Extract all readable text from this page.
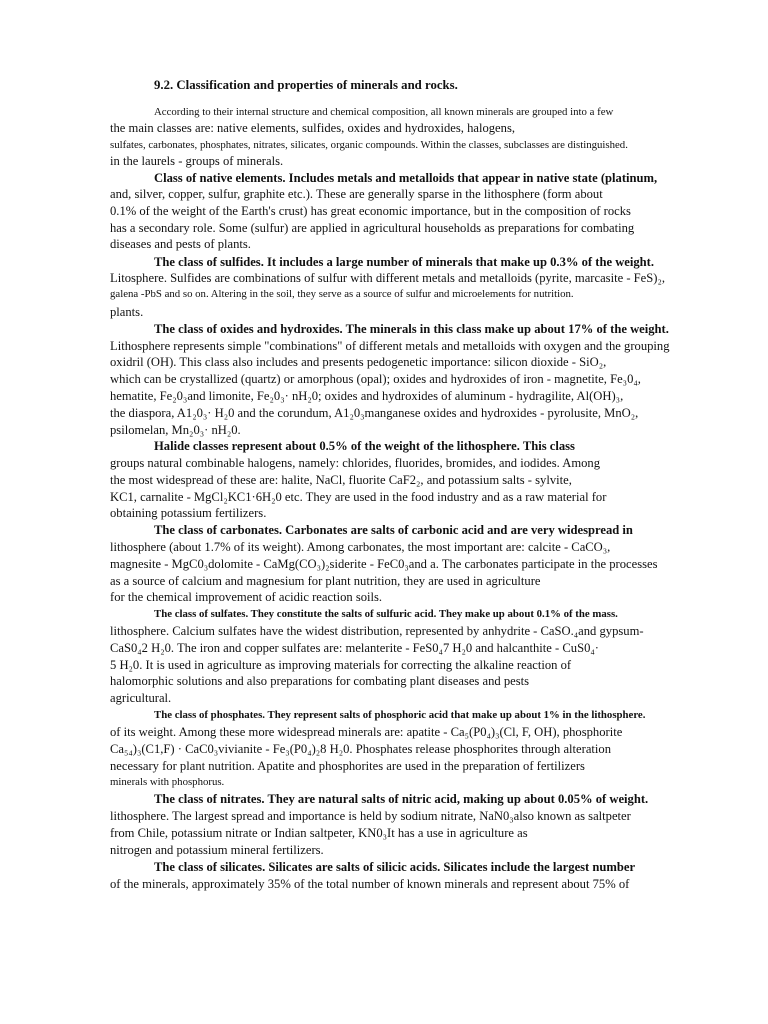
9.2. Classification and properties of minerals and rocks.
According to their internal structure and chemical composition, all known minerals are grouped into a few
the main classes are: native elements, sulfides, oxides and hydroxides, halogens,
sulfates, carbonates, phosphates, nitrates, silicates, organic compounds. Within the classes, subclasses are distinguished.
in the laurels - groups of minerals.
Class of native elements. Includes metals and metalloids that appear in native state (platinum,
and, silver, copper, sulfur, graphite etc.). These are generally sparse in the lithosphere (form about
0.1% of the weight of the Earth's crust) has great economic importance, but in the composition of rocks
has a secondary role. Some (sulfur) are applied in agricultural households as preparations for combating
diseases and pests of plants.
The class of sulfides. It includes a large number of minerals that make up 0.3% of the weight.
Litosphere. Sulfides are combinations of sulfur with different metals and metalloids (pyrite, marcasite - FeS)₂,
galena -PbS and so on. Altering in the soil, they serve as a source of sulfur and microelements for nutrition.
plants.
The class of oxides and hydroxides. The minerals in this class make up about 17% of the weight.
Lithosphere represents simple "combinations" of different metals and metalloids with oxygen and the grouping
oxidril (OH). This class also includes and presents pedogenetic importance: silicon dioxide - SiO₂,
which can be crystallized (quartz) or amorphous (opal); oxides and hydroxides of iron - magnetite, Fe₃0₄,
hematite, Fe₂0₃and limonite, Fe₂0₃· nH₂0; oxides and hydroxides of aluminum - hydragilite, Al(OH)₃,
the diaspora, A1₂0₃· H₂0 and the corundum, A1₂0₃manganese oxides and hydroxides - pyrolusite, MnO₂,
psilomelan, Mn₂0₃· nH₂0.
Halide classes represent about 0.5% of the weight of the lithosphere. This class
groups natural combinable halogens, namely: chlorides, fluorides, bromides, and iodides. Among
the most widespread of these are: halite, NaCl, fluorite CaF2₂, and potassium salts - sylvite,
KC1, carnalite - MgCl₂KC1·6H₂0 etc. They are used in the food industry and as a raw material for
obtaining potassium fertilizers.
The class of carbonates. Carbonates are salts of carbonic acid and are very widespread in
lithosphere (about 1.7% of its weight). Among carbonates, the most important are: calcite - CaCO₃,
magnesite - MgC0₃dolomite - CaMg(CO₃)₂siderite - FeC0₃and a. The carbonates participate in the processes
as a source of calcium and magnesium for plant nutrition, they are used in agriculture
for the chemical improvement of acidic reaction soils.
The class of sulfates. They constitute the salts of sulfuric acid. They make up about 0.1% of the mass.
lithosphere. Calcium sulfates have the widest distribution, represented by anhydrite - CaSO.₄and gypsum-
CaS0₄2 H₂0. The iron and copper sulfates are: melanterite - FeS0₄7 H₂0 and halcanthite - CuS0₄·
5 H₂0. It is used in agriculture as improving materials for correcting the alkaline reaction of
halomorphic solutions and also preparations for combating plant diseases and pests
agricultural.
The class of phosphates. They represent salts of phosphoric acid that make up about 1% in the lithosphere.
of its weight. Among these more widespread minerals are: apatite - Ca₅(P0₄)₃(Cl, F, OH), phosphorite
Ca₅₄)₃(C1,F) · CaC0₃vivianite - Fe₃(P0₄)₂8 H₂0. Phosphates release phosphorites through alteration
necessary for plant nutrition. Apatite and phosphorites are used in the preparation of fertilizers
minerals with phosphorus.
The class of nitrates. They are natural salts of nitric acid, making up about 0.05% of weight.
lithosphere. The largest spread and importance is held by sodium nitrate, NaN0₃also known as saltpeter
from Chile, potassium nitrate or Indian saltpeter, KN0₃It has a use in agriculture as
nitrogen and potassium mineral fertilizers.
The class of silicates. Silicates are salts of silicic acids. Silicates include the largest number
of the minerals, approximately 35% of the total number of known minerals and represent about 75% of
